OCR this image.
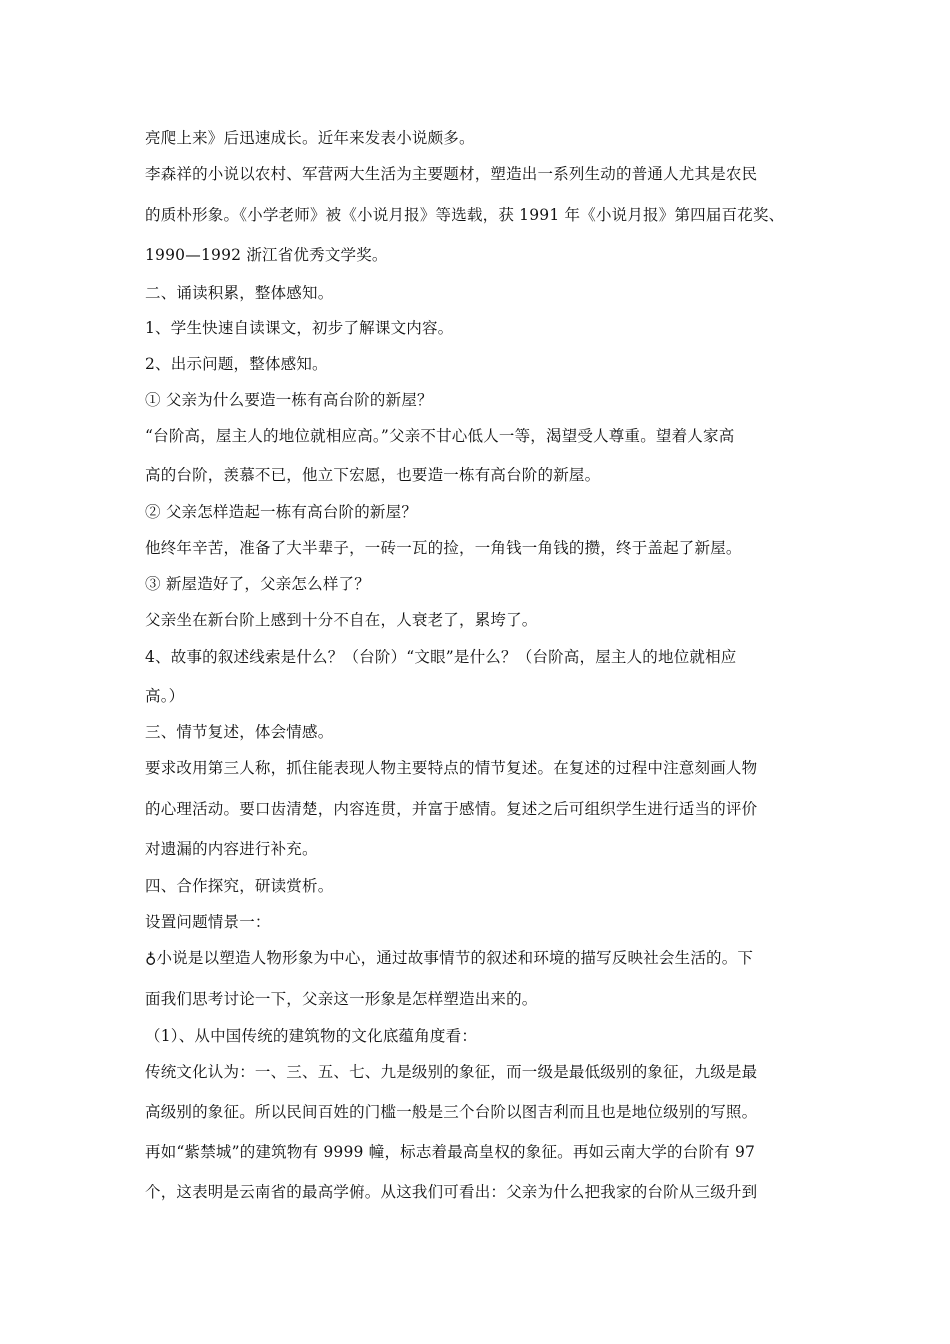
亮爬上来》后迅速成长。近年来发表小说颇多。
李森祥的小说以农村、军营两大生活为主要题材，塑造出一系列生动的普通人尤其是农民
的质朴形象。《小学老师》被《小说月报》等选载，获 1991 年《小说月报》第四届百花奖、
1990—1992 浙江省优秀文学奖。
二、诵读积累，整体感知。
1、学生快速自读课文，初步了解课文内容。
2、出示问题，整体感知。
① 父亲为什么要造一栋有高台阶的新屋？
“台阶高，屋主人的地位就相应高。”父亲不甘心低人一等，渴望受人尊重。望着人家高
高的台阶，羡慕不已，他立下宏愿，也要造一栋有高台阶的新屋。
② 父亲怎样造起一栋有高台阶的新屋？
他终年辛苦，准备了大半辈子，一砖一瓦的捡，一角钱一角钱的攒，终于盖起了新屋。
③ 新屋造好了，父亲怎么样了？
父亲坐在新台阶上感到十分不自在，人衰老了，累垮了。
4、故事的叙述线索是什么？（台阶）“文眼”是什么？（台阶高，屋主人的地位就相应
高。）
三、情节复述，体会情感。
要求改用第三人称，抓住能表现人物主要特点的情节复述。在复述的过程中注意刻画人物
的心理活动。要口齿清楚，内容连贯，并富于感情。复述之后可组织学生进行适当的评价
对遗漏的内容进行补充。
四、合作探究，研读赏析。
设置问题情景一：
♁小说是以塑造人物形象为中心，通过故事情节的叙述和环境的描写反映社会生活的。下
面我们思考讨论一下，父亲这一形象是怎样塑造出来的。
（1）、从中国传统的建筑物的文化底蕴角度看：
传统文化认为：一、三、五、七、九是级别的象征，而一级是最低级别的象征，九级是最
高级别的象征。所以民间百姓的门槛一般是三个台阶以图吉利而且也是地位级别的写照。
再如“紫禁城”的建筑物有 9999 幢，标志着最高皇权的象征。再如云南大学的台阶有 97
个，这表明是云南省的最高学俯。从这我们可看出：父亲为什么把我家的台阶从三级升到
